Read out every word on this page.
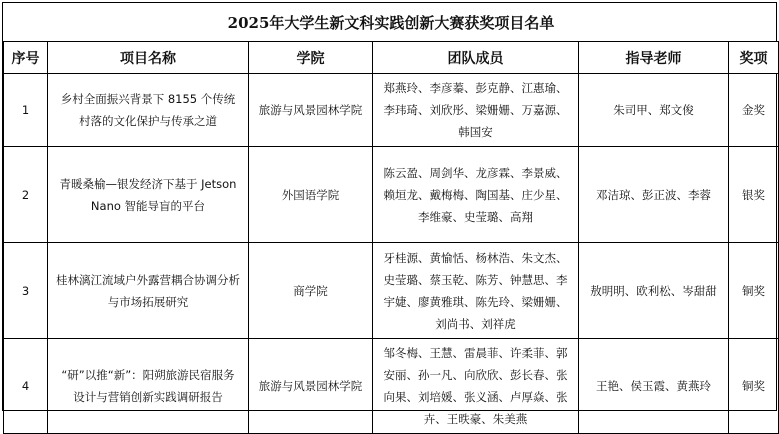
2025年大学生新文科实践创新大赛获奖项目名单					
序号	项目名称	学院	团队成员	指导老师	奖项
1	乡村全面振兴背景下 8155 个传统村落的文化保护与传承之道	旅游与风景园林学院	郑燕玲、李彦蓁、彭克静、江惠瑜、李玮琦、刘欣彤、梁姗姗、万嘉源、韩国安	朱司甲、郑文俊	金奖
2	青暖桑榆—银发经济下基于 Jetson Nano 智能导盲的平台	外国语学院	陈云盈、周剑华、龙彦霖、李景威、赖垣龙、戴梅梅、陶国基、庄少星、李维豪、史莹璐、高翔	邓洁琼、彭正波、李蓉	银奖
3	桂林漓江流域户外露营耦合协调分析与市场拓展研究	商学院	牙桂源、黄愉恬、杨林浩、朱文杰、史莹璐、蔡玉乾、陈芳、钟慧思、李宇婕、廖黄雅琪、陈先玲、梁姗姗、刘尚书、刘祥虎	敖明明、欧利松、岑甜甜	铜奖
4	“研”以推“新”：阳朔旅游民宿服务设计与营销创新实践调研报告	旅游与风景园林学院	邹冬梅、王慧、雷晨菲、许柔菲、郭安丽、孙一凡、向欣欣、彭长春、张向果、刘培媛、张义涵、卢厚焱、张卉、王昳豪、朱美燕	王艳、侯玉霞、黄燕玲	铜奖
